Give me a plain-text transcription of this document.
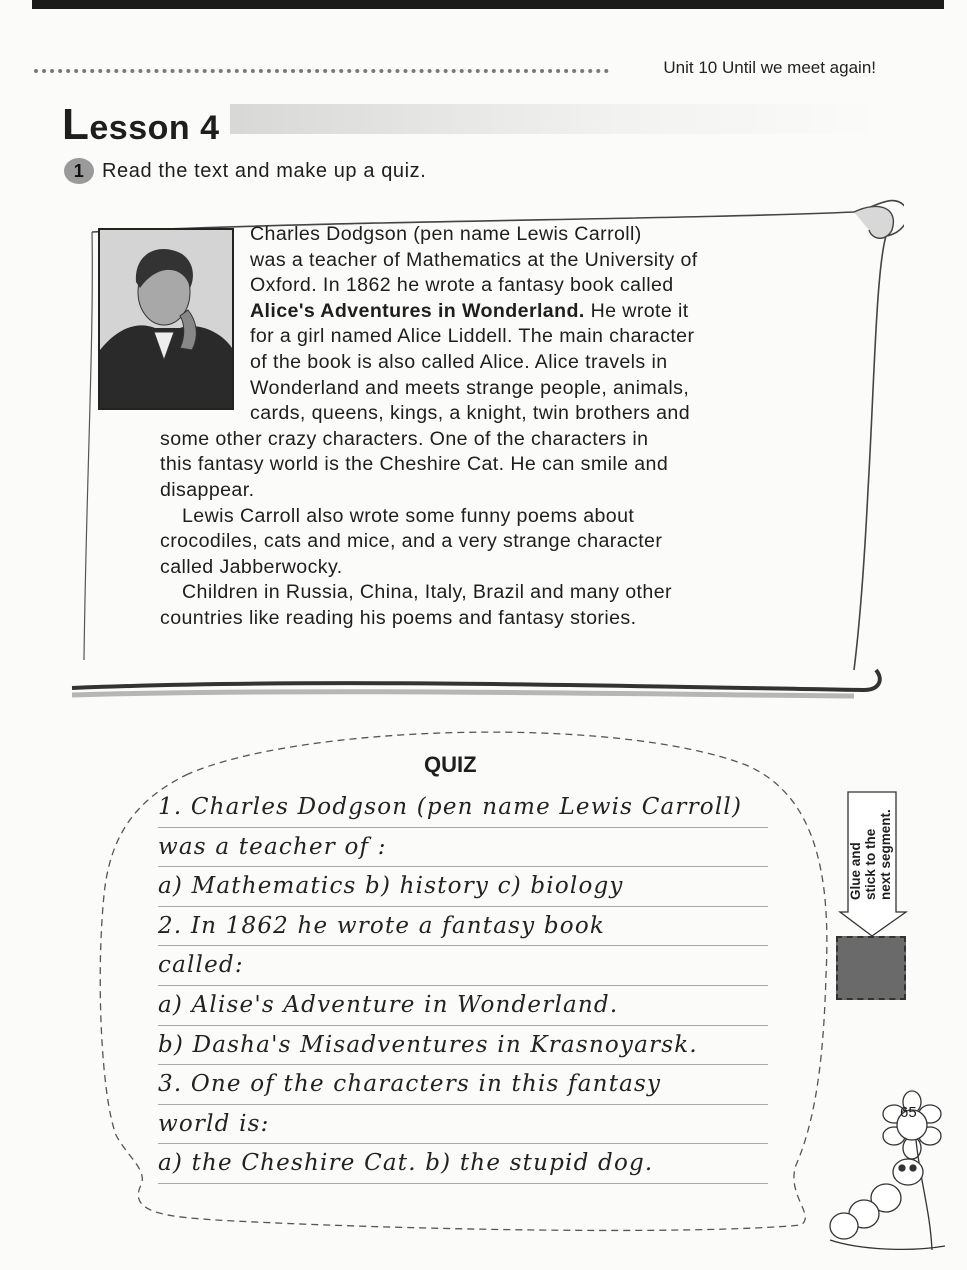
Unit 10 Until we meet again!
Lesson 4
1 Read the text and make up a quiz.

Charles Dodgson (pen name Lewis Carroll)

was a teacher of Mathematics at the University of

Oxford. In 1862 he wrote a fantasy book called

Alice's Adventures in Wonderland. He wrote it

for a girl named Alice Liddell. The main character

of the book is also called Alice. Alice travels in

Wonderland and meets strange people, animals,

cards, queens, kings, a knight, twin brothers and

some other crazy characters. One of the characters in

this fantasy world is the Cheshire Cat. He can smile and

disappear.

Lewis Carroll also wrote some funny poems about

crocodiles, cats and mice, and a very strange character

called Jabberwocky.

Children in Russia, China, Italy, Brazil and many other

countries like reading his poems and fantasy stories.

QUIZ
1. Charles Dodgson (pen name Lewis Carroll)
was a teacher of :
a) Mathematics b) history c) biology
2. In 1862 he wrote a fantasy book
called:
a) Alise's Adventure in Wonderland.
b) Dasha's Misadventures in Krasnoyarsk.
3. One of the characters in this fantasy
world is:
a) the Cheshire Cat. b) the stupid dog.
Glue and stick to the next segment.
65
